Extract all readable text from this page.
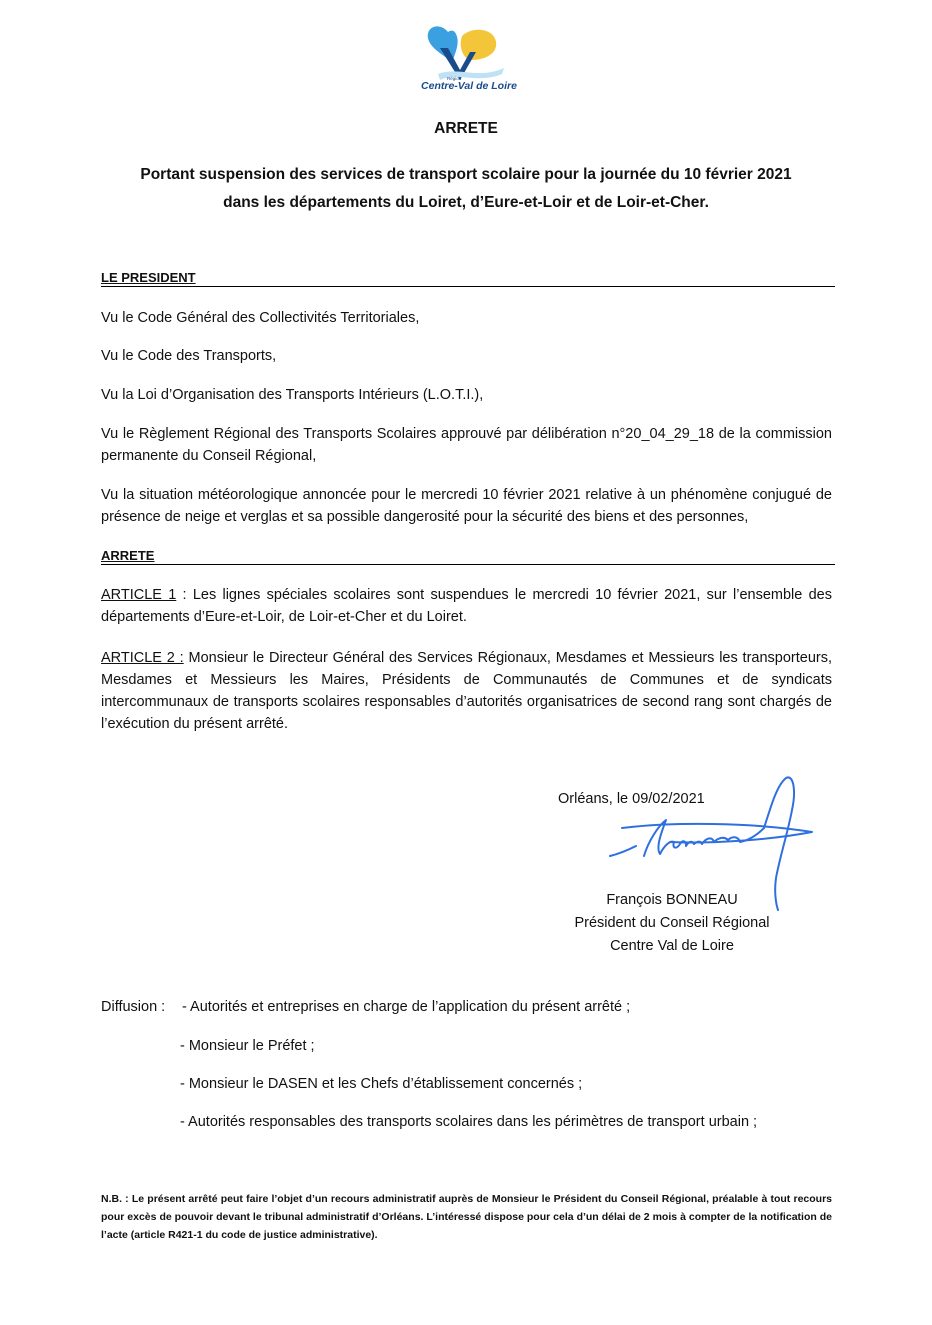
Région
Centre-Val de Loire
ARRETE
Portant suspension des services de transport scolaire pour la journée du 10 février 2021
dans les départements du Loiret, d’Eure-et-Loir et de Loir-et-Cher.
LE PRESIDENT
Vu le Code Général des Collectivités Territoriales,
Vu le Code des Transports,
Vu la Loi d’Organisation des Transports Intérieurs (L.O.T.I.),
Vu le Règlement Régional des Transports Scolaires approuvé par délibération n°20_04_29_18 de la commission permanente du Conseil Régional,
Vu la situation météorologique annoncée pour le mercredi 10 février 2021 relative à un phénomène conjugué de présence de neige et verglas et sa possible dangerosité pour la sécurité des biens et des personnes,
ARRETE
ARTICLE 1 : Les lignes spéciales scolaires sont suspendues le mercredi 10 février 2021, sur l’ensemble des départements d’Eure-et-Loir, de Loir-et-Cher et du Loiret.
ARTICLE 2 : Monsieur le Directeur Général des Services Régionaux, Mesdames et Messieurs les transporteurs, Mesdames et Messieurs les Maires, Présidents de Communautés de Communes et de syndicats intercommunaux de transports scolaires responsables d’autorités organisatrices de second rang sont chargés de l’exécution du présent arrêté.
Orléans, le 09/02/2021
François BONNEAU
Président du Conseil Régional
Centre Val de Loire
Diffusion : - Autorités et entreprises en charge de l’application du présent arrêté ;
- Monsieur le Préfet ;
- Monsieur le DASEN et les Chefs d’établissement concernés ;
- Autorités responsables des transports scolaires dans les périmètres de transport urbain ;
N.B. : Le présent arrêté peut faire l’objet d’un recours administratif auprès de Monsieur le Président du Conseil Régional, préalable à tout recours pour excès de pouvoir devant le tribunal administratif d’Orléans. L’intéressé dispose pour cela d’un délai de 2 mois à compter de la notification de l’acte (article R421-1 du code de justice administrative).
